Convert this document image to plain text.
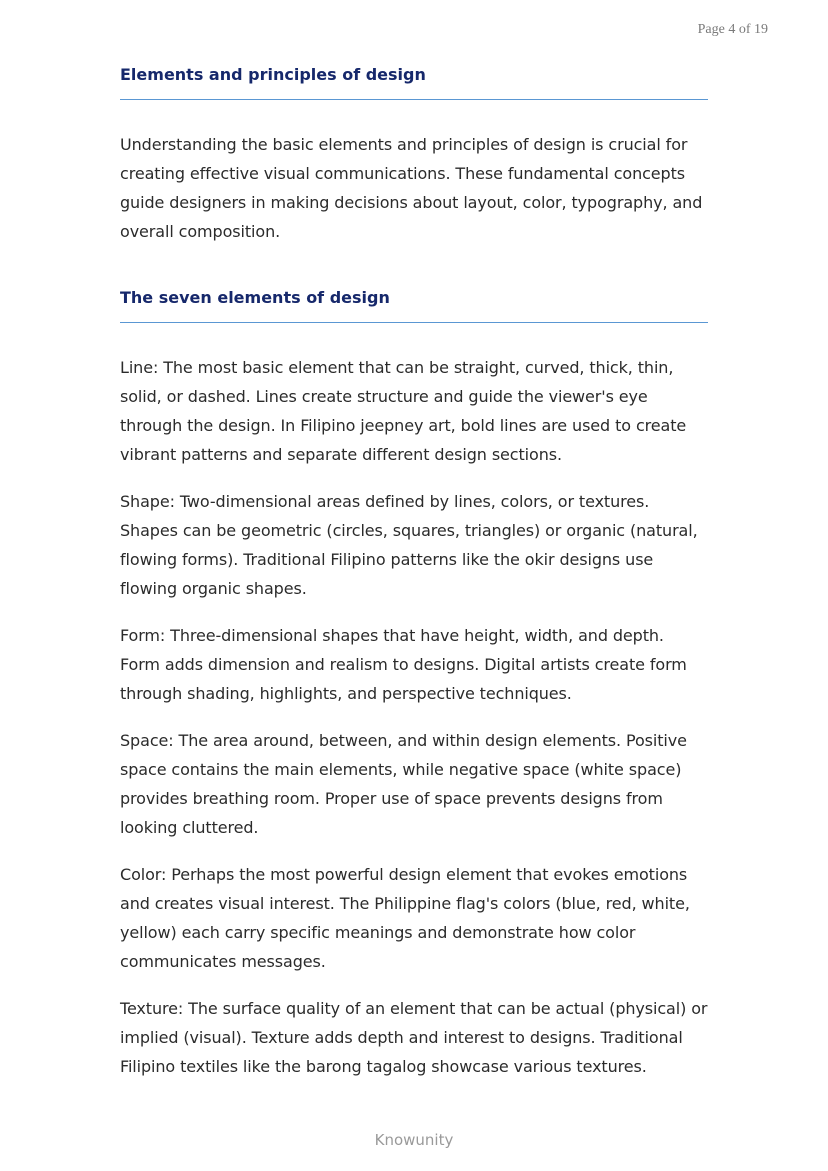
Page 4 of 19
Elements and principles of design

Understanding the basic elements and principles of design is crucial for creating effective visual communications. These fundamental concepts guide designers in making decisions about layout, color, typography, and overall composition.

The seven elements of design

Line: The most basic element that can be straight, curved, thick, thin, solid, or dashed. Lines create structure and guide the viewer's eye through the design. In Filipino jeepney art, bold lines are used to create vibrant patterns and separate different design sections.

Shape: Two-dimensional areas defined by lines, colors, or textures. Shapes can be geometric (circles, squares, triangles) or organic (natural, flowing forms). Traditional Filipino patterns like the okir designs use flowing organic shapes.

Form: Three-dimensional shapes that have height, width, and depth. Form adds dimension and realism to designs. Digital artists create form through shading, highlights, and perspective techniques.

Space: The area around, between, and within design elements. Positive space contains the main elements, while negative space (white space) provides breathing room. Proper use of space prevents designs from looking cluttered.

Color: Perhaps the most powerful design element that evokes emotions and creates visual interest. The Philippine flag's colors (blue, red, white, yellow) each carry specific meanings and demonstrate how color communicates messages.

Texture: The surface quality of an element that can be actual (physical) or implied (visual). Texture adds depth and interest to designs. Traditional Filipino textiles like the barong tagalog showcase various textures.

Knowunity
